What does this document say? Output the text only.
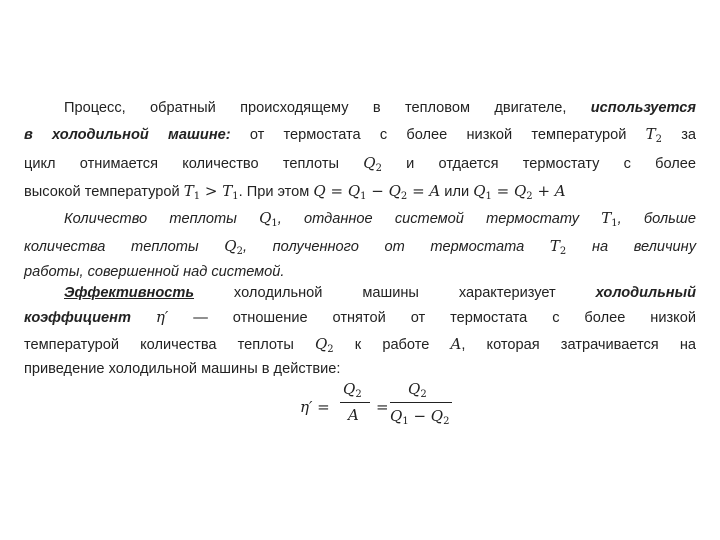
Процесс, обратный происходящему в тепловом двигателе, используется
в холодильной машине: от термостата с более низкой температурой $T_2$ за
цикл отнимается количество теплоты $Q_2$ и отдается термостату с более
высокой температурой $T_1 > T_1$. При этом $Q = Q_1 - Q_2 = A$ или $Q_1 = Q_2 + A$
Количество теплоты $Q_1$, отданное системой термостату $T_1$, больше
количества теплоты $Q_2$, полученного от термостата $T_2$ на величину
работы, совершенной над системой.
Эффективность холодильной машины характеризует холодильный
коэффициент η′ — отношение отнятой от термостата с более низкой
температурой количества теплоты $Q_2$ к работе A, которая затрачивается на
приведение холодильной машины в действие:
η′ =
$Q_2$
A =
$Q_2$
$Q_1 - Q_2$
